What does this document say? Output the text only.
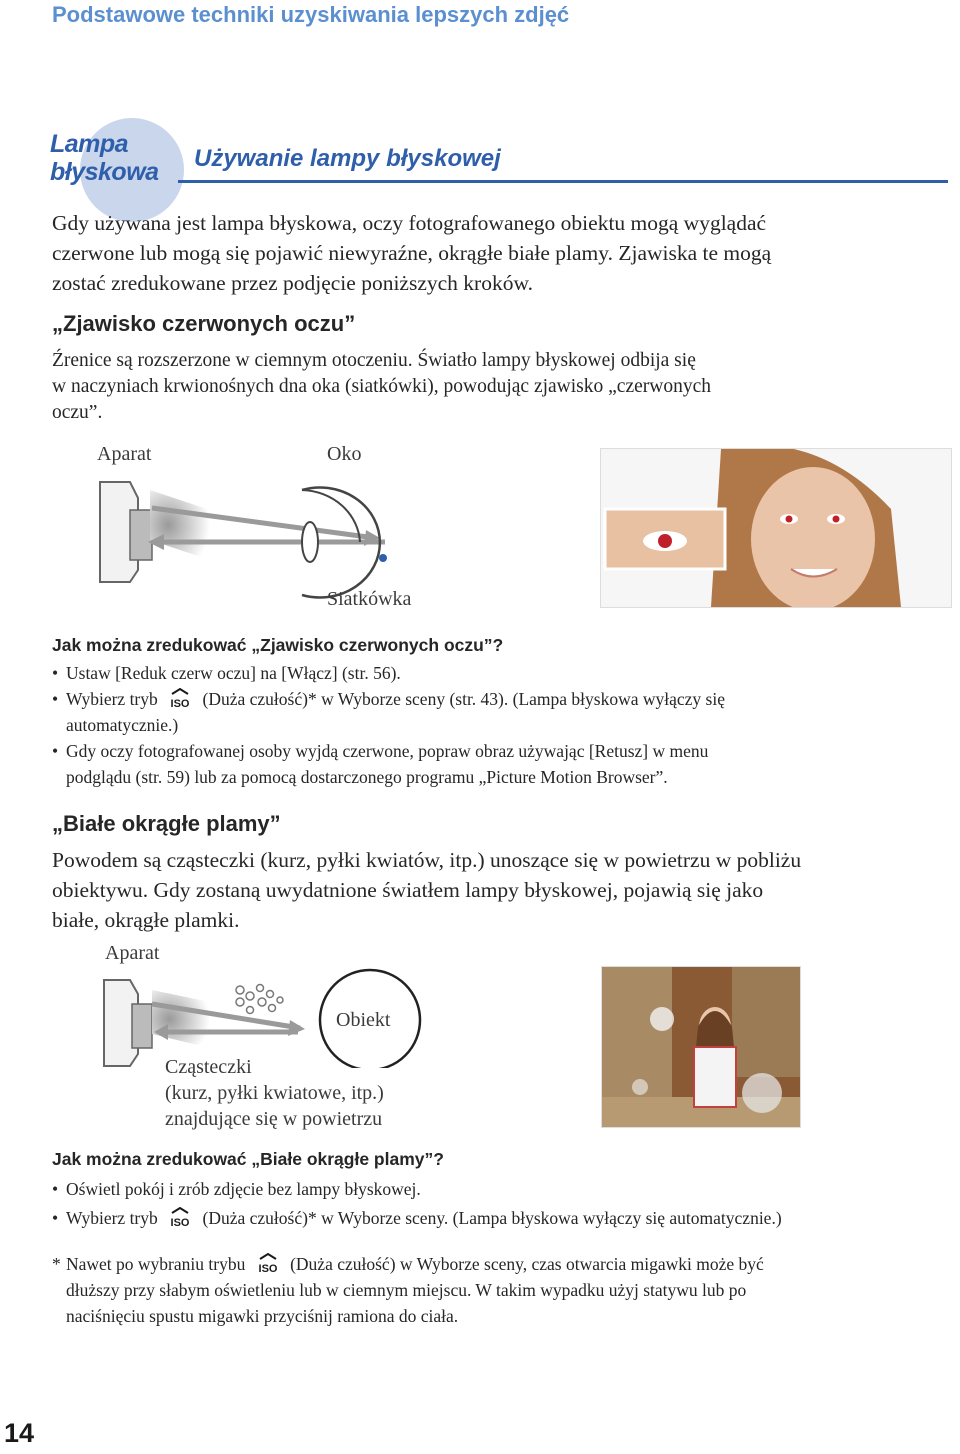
Podstawowe techniki uzyskiwania lepszych zdjęć
Lampa
błyskowa Używanie lampy błyskowej
Gdy używana jest lampa błyskowa, oczy fotografowanego obiektu mogą wyglądać
czerwone lub mogą się pojawić niewyraźne, okrągłe białe plamy. Zjawiska te mogą
zostać zredukowane przez podjęcie poniższych kroków.
„Zjawisko czerwonych oczu”
Źrenice są rozszerzone w ciemnym otoczeniu. Światło lampy błyskowej odbija się
w naczyniach krwionośnych dna oka (siatkówki), powodując zjawisko „czerwonych
oczu”.
Aparat	Oko
Siatkówka
Jak można zredukować „Zjawisko czerwonych oczu”?
• Ustaw [Reduk czerw oczu] na [Włącz] (str. 56).
• Wybierz tryb ISO (Duża czułość)* w Wyborze sceny (str. 43). (Lampa błyskowa wyłączy się
automatycznie.)
• Gdy oczy fotografowanej osoby wyjdą czerwone, popraw obraz używając [Retusz] w menu
podglądu (str. 59) lub za pomocą dostarczonego programu „Picture Motion Browser”.
„Białe okrągłe plamy”
Powodem są cząsteczki (kurz, pyłki kwiatów, itp.) unoszące się w powietrzu w pobliżu
obiektywu. Gdy zostaną uwydatnione światłem lampy błyskowej, pojawią się jako
białe, okrągłe plamki.
Aparat
Obiekt
Cząsteczki
(kurz, pyłki kwiatowe, itp.)
znajdujące się w powietrzu
Jak można zredukować „Białe okrągłe plamy”?
• Oświetl pokój i zrób zdjęcie bez lampy błyskowej.
• Wybierz tryb ISO (Duża czułość)* w Wyborze sceny. (Lampa błyskowa wyłączy się automatycznie.)
* Nawet po wybraniu trybu ISO (Duża czułość) w Wyborze sceny, czas otwarcia migawki może być
dłuższy przy słabym oświetleniu lub w ciemnym miejscu. W takim wypadku użyj statywu lub po
naciśnięciu spustu migawki przyciśnij ramiona do ciała.
14
